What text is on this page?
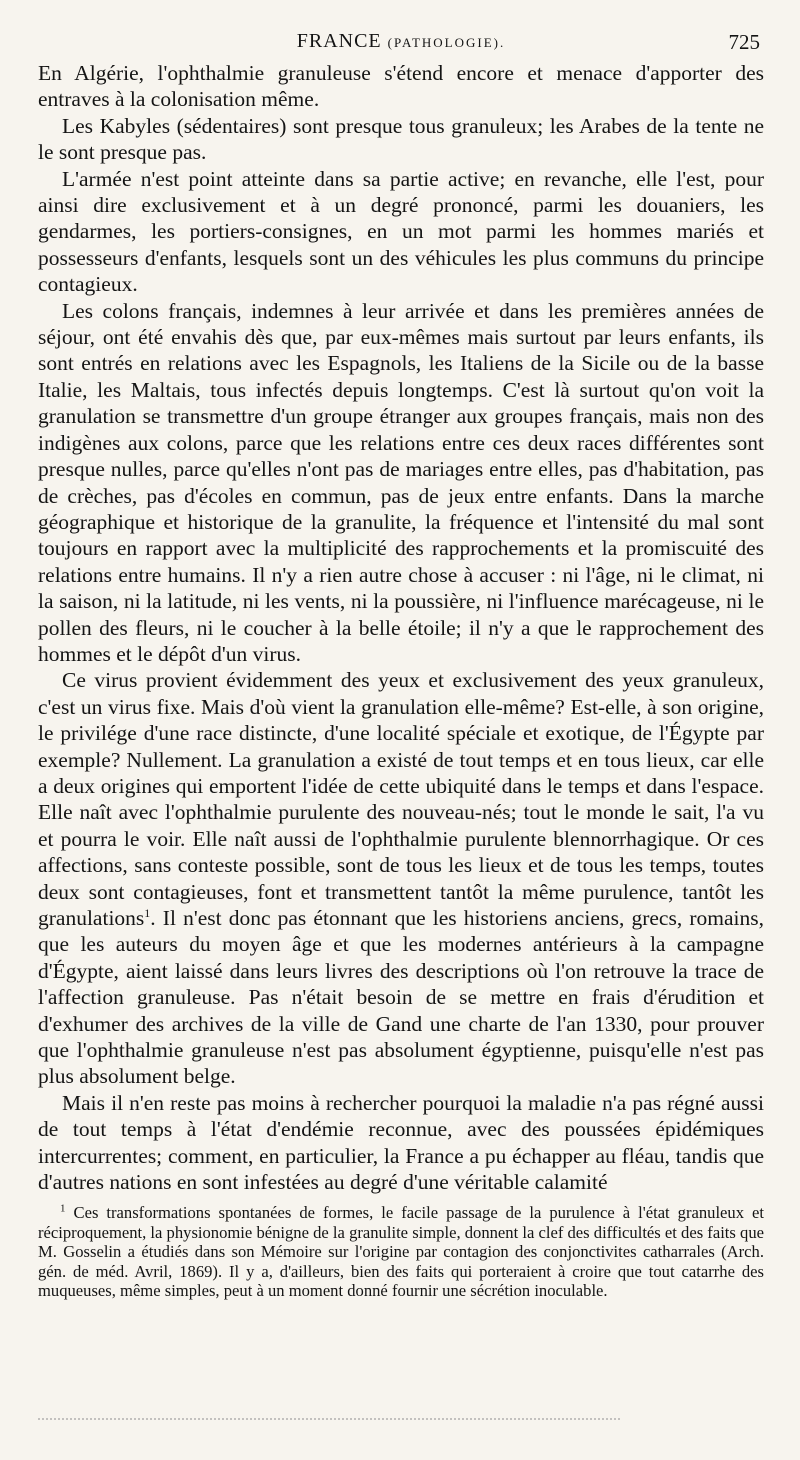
FRANCE (PATHOLOGIE).	725

En Algérie, l'ophthalmie granuleuse s'étend encore et menace d'apporter des entraves à la colonisation même.

Les Kabyles (sédentaires) sont presque tous granuleux; les Arabes de la tente ne le sont presque pas.

L'armée n'est point atteinte dans sa partie active; en revanche, elle l'est, pour ainsi dire exclusivement et à un degré prononcé, parmi les douaniers, les gendarmes, les portiers-consignes, en un mot parmi les hommes mariés et possesseurs d'enfants, lesquels sont un des véhicules les plus communs du principe contagieux.

Les colons français, indemnes à leur arrivée et dans les premières années de séjour, ont été envahis dès que, par eux-mêmes mais surtout par leurs enfants, ils sont entrés en relations avec les Espagnols, les Italiens de la Sicile ou de la basse Italie, les Maltais, tous infectés depuis longtemps. C'est là surtout qu'on voit la granulation se transmettre d'un groupe étranger aux groupes français, mais non des indigènes aux colons, parce que les relations entre ces deux races différentes sont presque nulles, parce qu'elles n'ont pas de mariages entre elles, pas d'habitation, pas de crèches, pas d'écoles en commun, pas de jeux entre enfants. Dans la marche géographique et historique de la granulite, la fréquence et l'intensité du mal sont toujours en rapport avec la multiplicité des rapprochements et la promiscuité des relations entre humains. Il n'y a rien autre chose à accuser : ni l'âge, ni le climat, ni la saison, ni la latitude, ni les vents, ni la poussière, ni l'influence marécageuse, ni le pollen des fleurs, ni le coucher à la belle étoile; il n'y a que le rapprochement des hommes et le dépôt d'un virus.

Ce virus provient évidemment des yeux et exclusivement des yeux granuleux, c'est un virus fixe. Mais d'où vient la granulation elle-même? Est-elle, à son origine, le privilége d'une race distincte, d'une localité spéciale et exotique, de l'Égypte par exemple? Nullement. La granulation a existé de tout temps et en tous lieux, car elle a deux origines qui emportent l'idée de cette ubiquité dans le temps et dans l'espace. Elle naît avec l'ophthalmie purulente des nouveau-nés; tout le monde le sait, l'a vu et pourra le voir. Elle naît aussi de l'ophthalmie purulente blennorrhagique. Or ces affections, sans conteste possible, sont de tous les lieux et de tous les temps, toutes deux sont contagieuses, font et transmettent tantôt la même purulence, tantôt les granulations$^1$. Il n'est donc pas étonnant que les historiens anciens, grecs, romains, que les auteurs du moyen âge et que les modernes antérieurs à la campagne d'Égypte, aient laissé dans leurs livres des descriptions où l'on retrouve la trace de l'affection granuleuse. Pas n'était besoin de se mettre en frais d'érudition et d'exhumer des archives de la ville de Gand une charte de l'an 1330, pour prouver que l'ophthalmie granuleuse n'est pas absolument égyptienne, puisqu'elle n'est pas plus absolument belge.

Mais il n'en reste pas moins à rechercher pourquoi la maladie n'a pas régné aussi de tout temps à l'état d'endémie reconnue, avec des poussées épidémiques intercurrentes; comment, en particulier, la France a pu échapper au fléau, tandis que d'autres nations en sont infestées au degré d'une véritable calamité

$^1$ Ces transformations spontanées de formes, le facile passage de la purulence à l'état granuleux et réciproquement, la physionomie bénigne de la granulite simple, donnent la clef des difficultés et des faits que M. Gosselin a étudiés dans son Mémoire sur l'origine par contagion des conjonctivites catharrales (Arch. gén. de méd. Avril, 1869). Il y a, d'ailleurs, bien des faits qui porteraient à croire que tout catarrhe des muqueuses, même simples, peut à un moment donné fournir une sécrétion inoculable.
